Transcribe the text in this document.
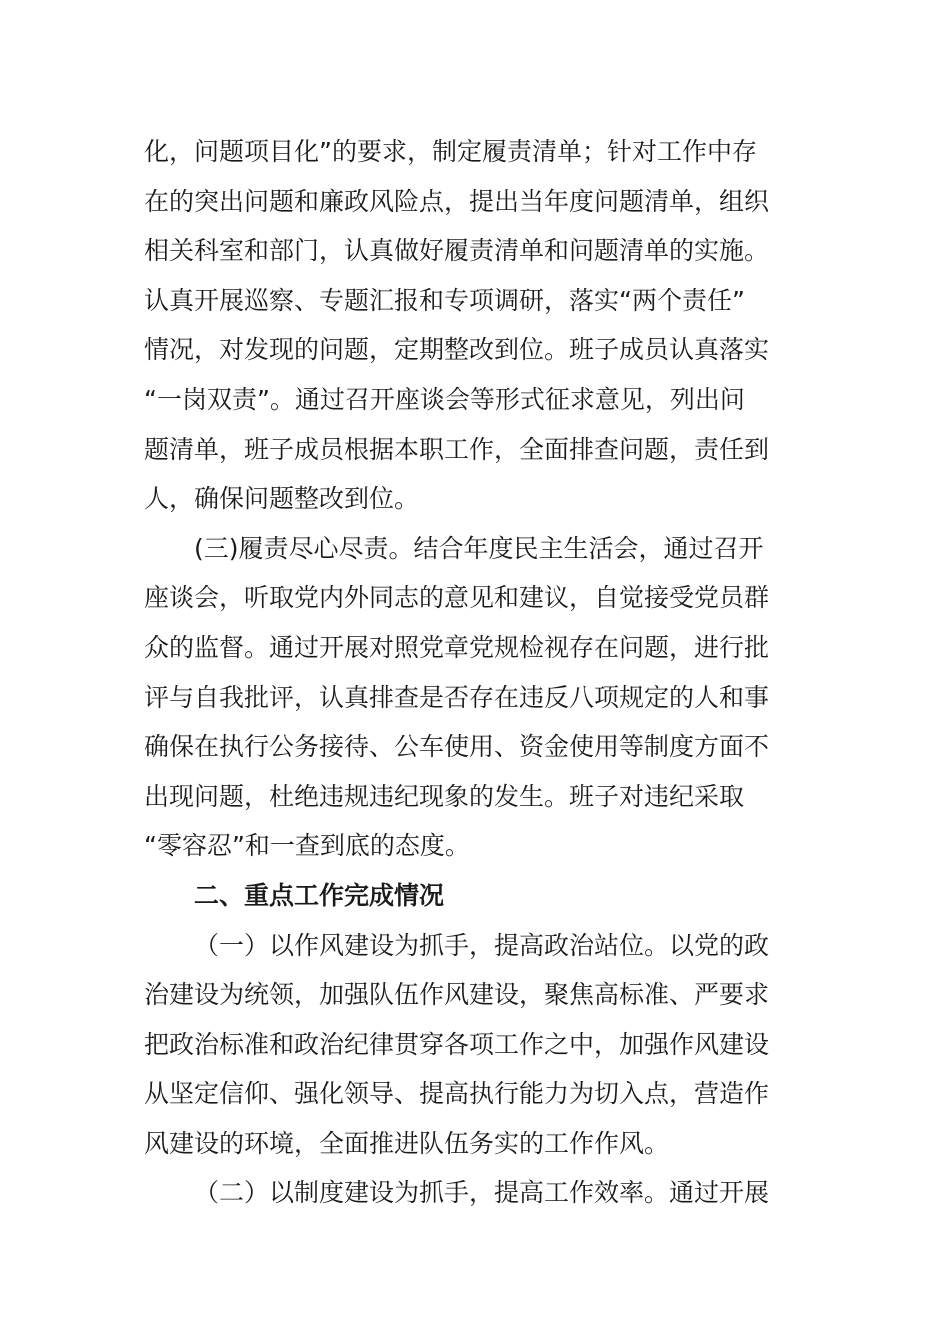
化，问题项目化”的要求，制定履责清单；针对工作中存
在的突出问题和廉政风险点，提出当年度问题清单，组织
相关科室和部门，认真做好履责清单和问题清单的实施。
认真开展巡察、专题汇报和专项调研，落实“两个责任”
情况，对发现的问题，定期整改到位。班子成员认真落实
“一岗双责”。通过召开座谈会等形式征求意见，列出问
题清单，班子成员根据本职工作，全面排查问题，责任到
人，确保问题整改到位。
(三)履责尽心尽责。结合年度民主生活会，通过召开
座谈会，听取党内外同志的意见和建议，自觉接受党员群
众的监督。通过开展对照党章党规检视存在问题，进行批
评与自我批评，认真排查是否存在违反八项规定的人和事
确保在执行公务接待、公车使用、资金使用等制度方面不
出现问题，杜绝违规违纪现象的发生。班子对违纪采取
“零容忍”和一查到底的态度。
二、重点工作完成情况
（一）以作风建设为抓手，提高政治站位。以党的政
治建设为统领，加强队伍作风建设，聚焦高标准、严要求
把政治标准和政治纪律贯穿各项工作之中，加强作风建设
从坚定信仰、强化领导、提高执行能力为切入点，营造作
风建设的环境，全面推进队伍务实的工作作风。
（二）以制度建设为抓手，提高工作效率。通过开展
